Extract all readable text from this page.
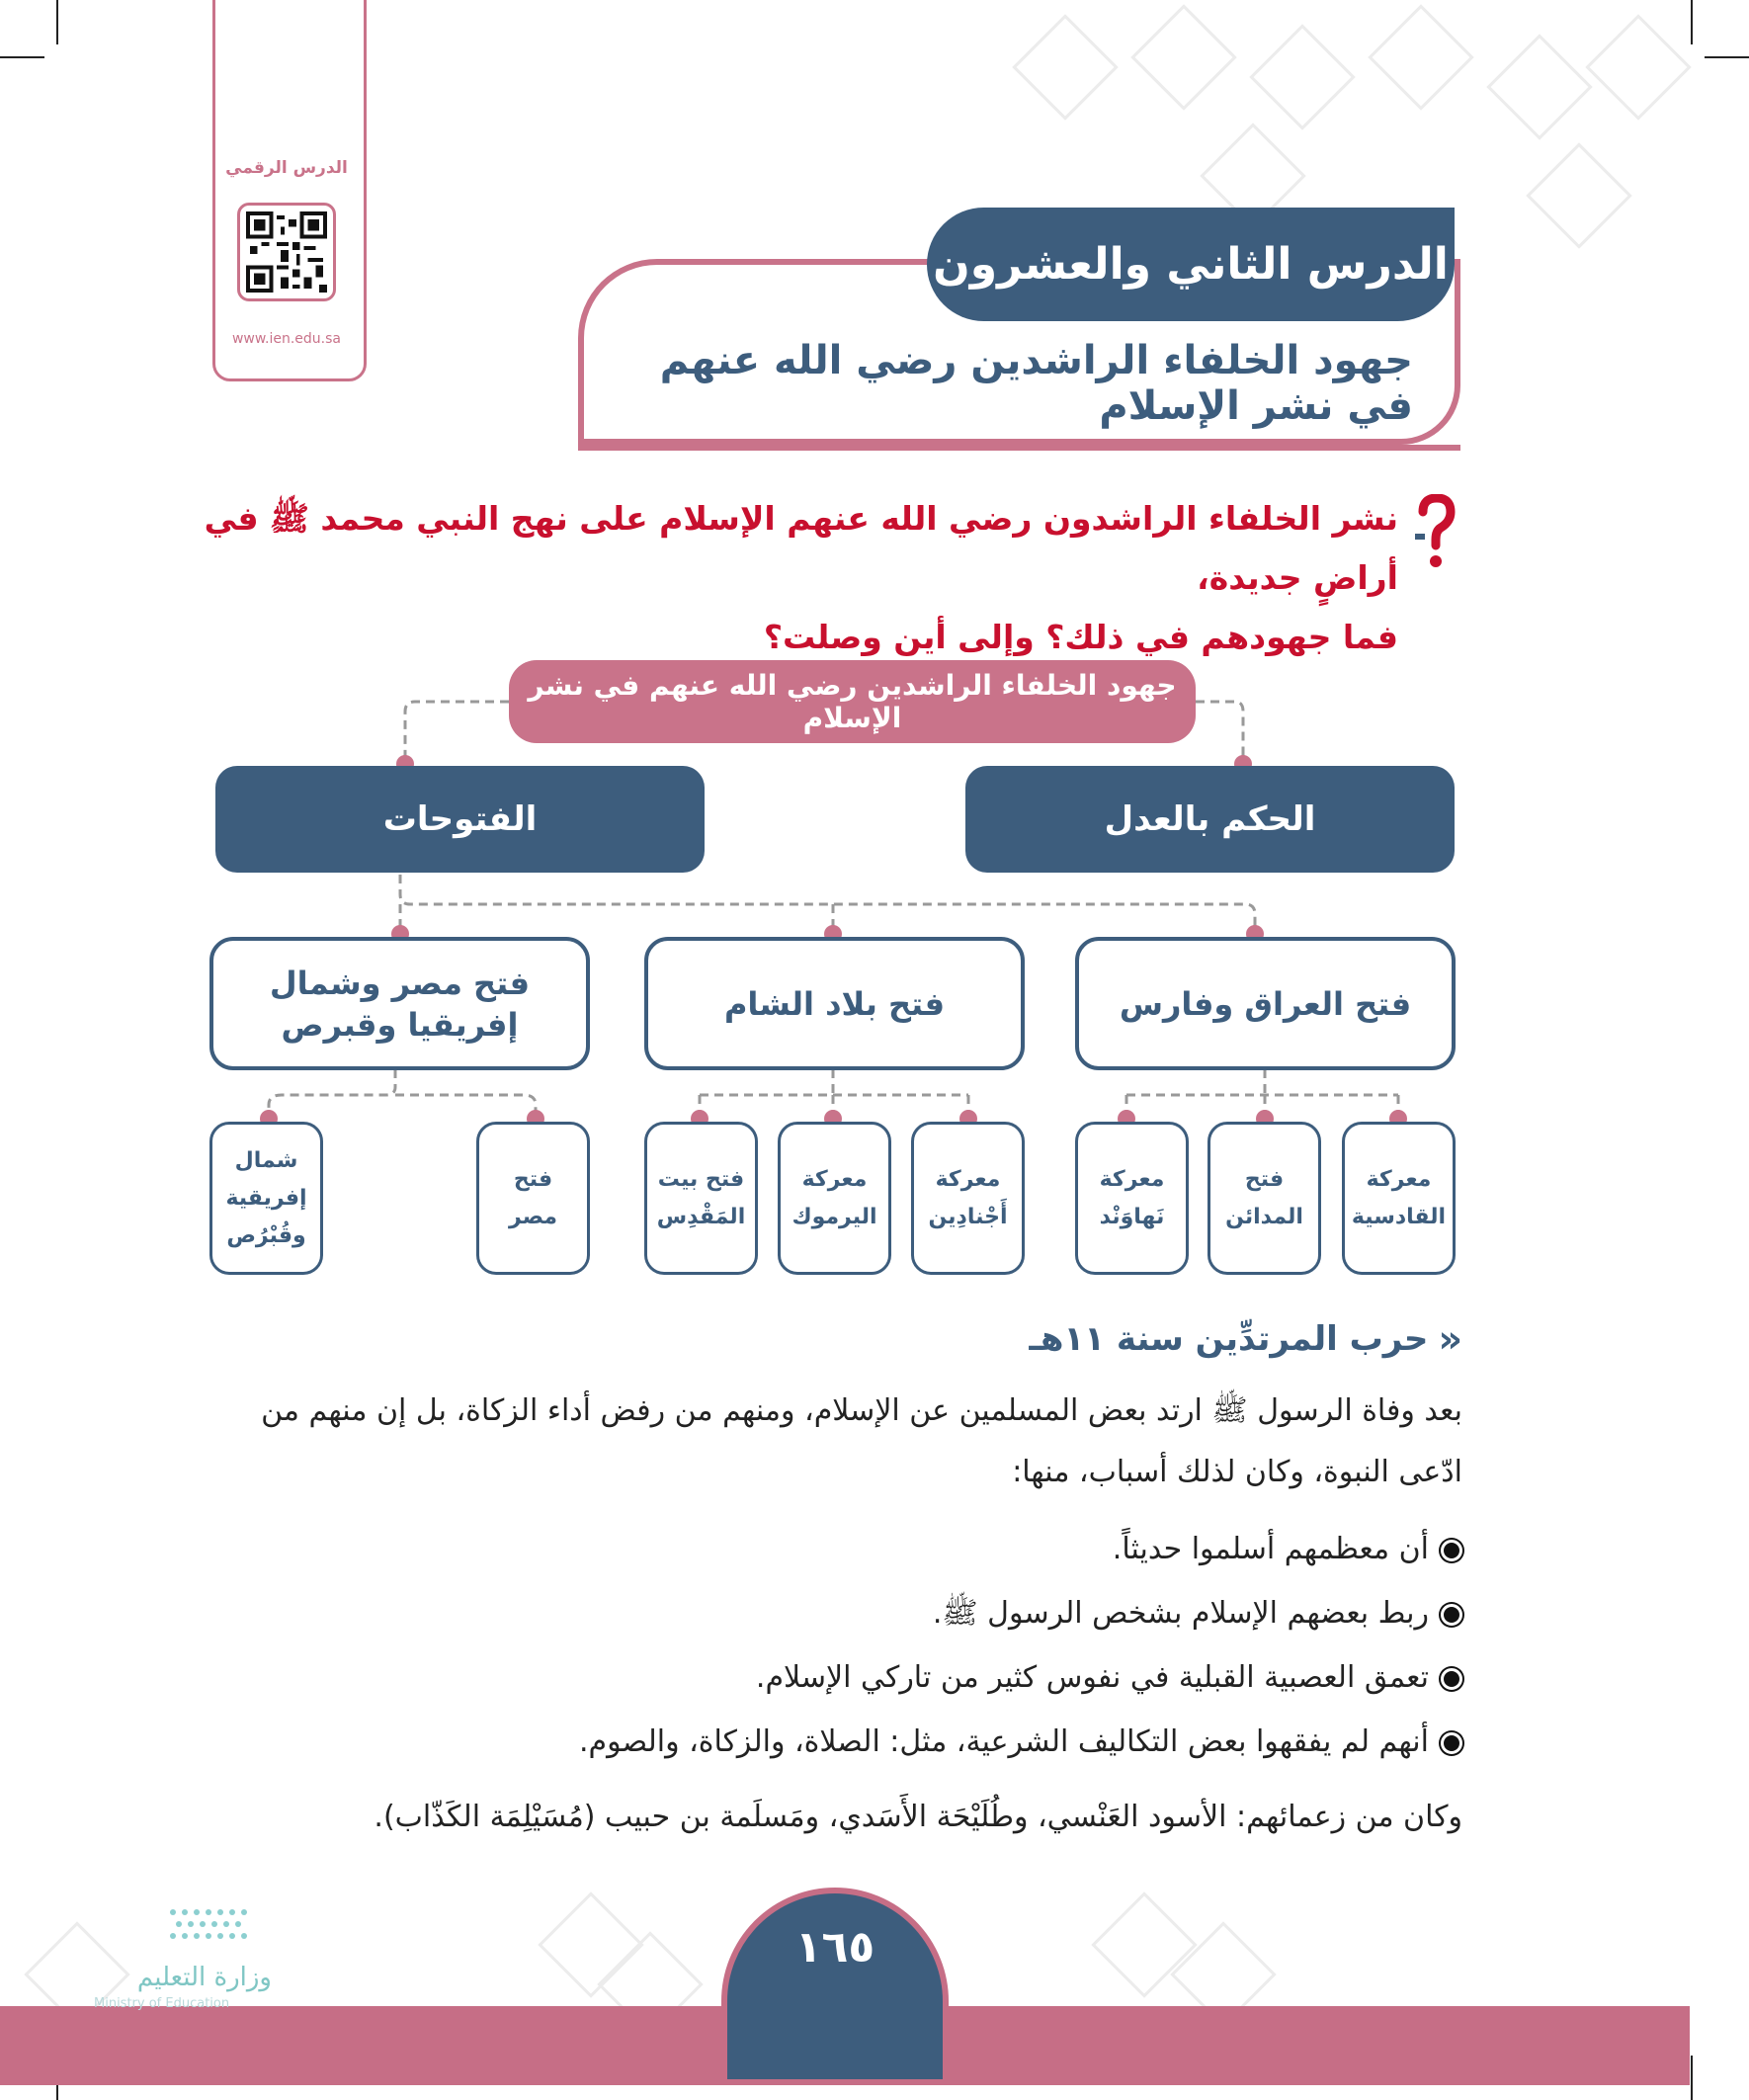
الدرس الرقمي
www.ien.edu.sa
الدرس الثاني والعشرون
جهود الخلفاء الراشدين رضي الله عنهم في نشر الإسلام
نشر الخلفاء الراشدون رضي الله عنهم الإسلام على نهج النبي محمد ﷺ في أراضٍ جديدة،
فما جهودهم في ذلك؟ وإلى أين وصلت؟
جهود الخلفاء الراشدين رضي الله عنهم في نشر الإسلام
الحكم بالعدل
الفتوحات
فتح العراق وفارس
فتح بلاد الشام
فتح مصر وشمال إفريقيا وقبرص
معركة
القادسية
فتح
المدائن
معركة
نَهاوَنْد
معركة
أَجْنادِين
معركة
اليرموك
فتح بيت
المَقْدِس
فتح
مصر
شمال
إفريقية
وقُبْرُص
«
حرب المرتدِّين سنة ١١هـ
بعد وفاة الرسول ﷺ ارتد بعض المسلمين عن الإسلام، ومنهم من رفض أداء الزكاة، بل إن منهم من ادّعى النبوة، وكان لذلك أسباب، منها:
أن معظمهم أسلموا حديثاً.
ربط بعضهم الإسلام بشخص الرسول ﷺ.
تعمق العصبية القبلية في نفوس كثير من تاركي الإسلام.
أنهم لم يفقهوا بعض التكاليف الشرعية، مثل: الصلاة، والزكاة، والصوم.
وكان من زعمائهم: الأسود العَنْسي، وطُلَيْحَة الأَسَدي، ومَسلَمة بن حبيب (مُسَيْلِمَة الكَذّاب).
١٦٥
وزارة التعليم
Ministry of Education
